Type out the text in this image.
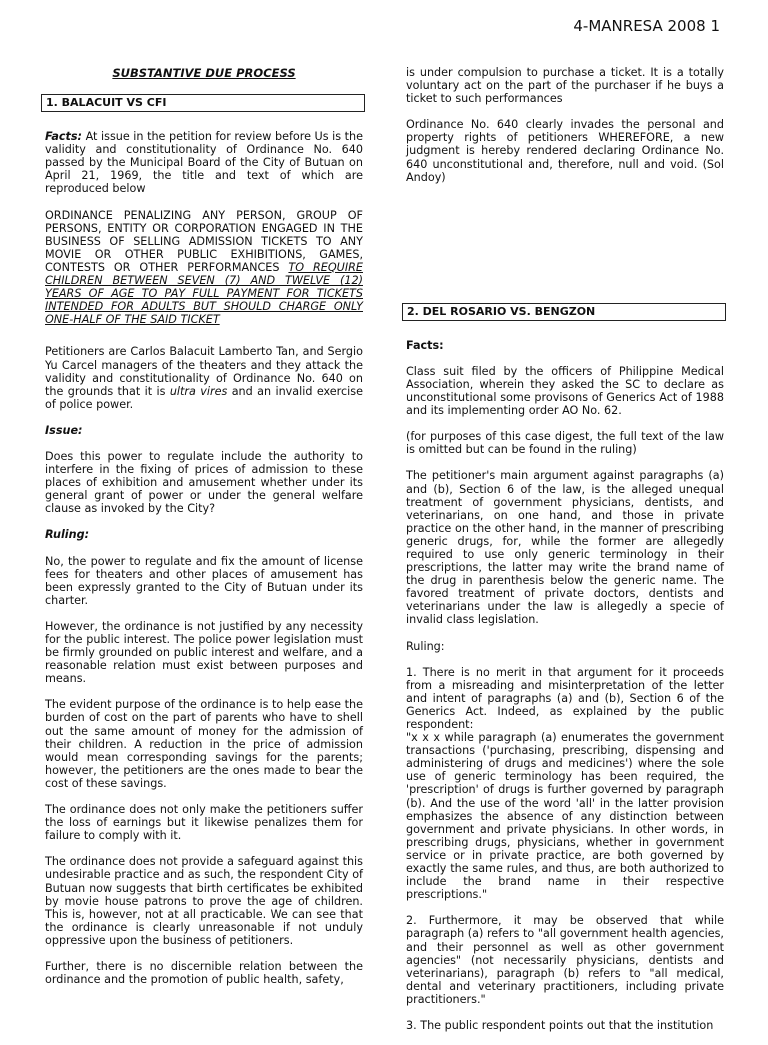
4-MANRESA 2008 1
SUBSTANTIVE DUE PROCESS
1. BALACUIT VS CFI

Facts: At issue in the petition for review before Us is the validity and constitutionality of Ordinance No. 640 passed by the Municipal Board of the City of Butuan on April 21, 1969, the title and text of which are reproduced below

ORDINANCE PENALIZING ANY PERSON, GROUP OF PERSONS, ENTITY OR CORPORATION ENGAGED IN THE BUSINESS OF SELLING ADMISSION TICKETS TO ANY MOVIE OR OTHER PUBLIC EXHIBITIONS, GAMES, CONTESTS OR OTHER PERFORMANCES TO REQUIRE CHILDREN BETWEEN SEVEN (7) AND TWELVE (12) YEARS OF AGE TO PAY FULL PAYMENT FOR TICKETS INTENDED FOR ADULTS BUT SHOULD CHARGE ONLY ONE-HALF OF THE SAID TICKET

Petitioners are Carlos Balacuit Lamberto Tan, and Sergio Yu Carcel managers of the theaters and they attack the validity and constitutionality of Ordinance No. 640 on the grounds that it is ultra vires and an invalid exercise of police power.

Issue:

Does this power to regulate include the authority to interfere in the fixing of prices of admission to these places of exhibition and amusement whether under its general grant of power or under the general welfare clause as invoked by the City?

Ruling:

No, the power to regulate and fix the amount of license fees for theaters and other places of amusement has been expressly granted to the City of Butuan under its charter.

However, the ordinance is not justified by any necessity for the public interest. The police power legislation must be firmly grounded on public interest and welfare, and a reasonable relation must exist between purposes and means.

The evident purpose of the ordinance is to help ease the burden of cost on the part of parents who have to shell out the same amount of money for the admission of their children. A reduction in the price of admission would mean corresponding savings for the parents; however, the petitioners are the ones made to bear the cost of these savings.

The ordinance does not only make the petitioners suffer the loss of earnings but it likewise penalizes them for failure to comply with it.

The ordinance does not provide a safeguard against this undesirable practice and as such, the respondent City of Butuan now suggests that birth certificates be exhibited by movie house patrons to prove the age of children. This is, however, not at all practicable. We can see that the ordinance is clearly unreasonable if not unduly oppressive upon the business of petitioners.

Further, there is no discernible relation between the ordinance and the promotion of public health, safety,

is under compulsion to purchase a ticket. It is a totally voluntary act on the part of the purchaser if he buys a ticket to such performances

Ordinance No. 640 clearly invades the personal and property rights of petitioners WHEREFORE, a new judgment is hereby rendered declaring Ordinance No. 640 unconstitutional and, therefore, null and void. (Sol Andoy)

2. DEL ROSARIO VS. BENGZON

Facts:

Class suit filed by the officers of Philippine Medical Association, wherein they asked the SC to declare as unconstitutional some provisons of Generics Act of 1988 and its implementing order AO No. 62.

(for purposes of this case digest, the full text of the law is omitted but can be found in the ruling)

The petitioner's main argument against paragraphs (a) and (b), Section 6 of the law, is the alleged unequal treatment of government physicians, dentists, and veterinarians, on one hand, and those in private practice on the other hand, in the manner of prescribing generic drugs, for, while the former are allegedly required to use only generic terminology in their prescriptions, the latter may write the brand name of the drug in parenthesis below the generic name. The favored treatment of private doctors, dentists and veterinarians under the law is allegedly a specie of invalid class legislation.

Ruling:

1. There is no merit in that argument for it proceeds from a misreading and misinterpretation of the letter and intent of paragraphs (a) and (b), Section 6 of the Generics Act. Indeed, as explained by the public respondent:

"x x x while paragraph (a) enumerates the government transactions ('purchasing, prescribing, dispensing and administering of drugs and medicines') where the sole use of generic terminology has been required, the 'prescription' of drugs is further governed by paragraph (b). And the use of the word 'all' in the latter provision emphasizes the absence of any distinction between government and private physicians. In other words, in prescribing drugs, physicians, whether in government service or in private practice, are both governed by exactly the same rules, and thus, are both authorized to include the brand name in their respective prescriptions."

2. Furthermore, it may be observed that while paragraph (a) refers to "all government health agencies, and their personnel as well as other government agencies" (not necessarily physicians, dentists and veterinarians), paragraph (b) refers to "all medical, dental and veterinary practitioners, including private practitioners."

3. The public respondent points out that the institution
